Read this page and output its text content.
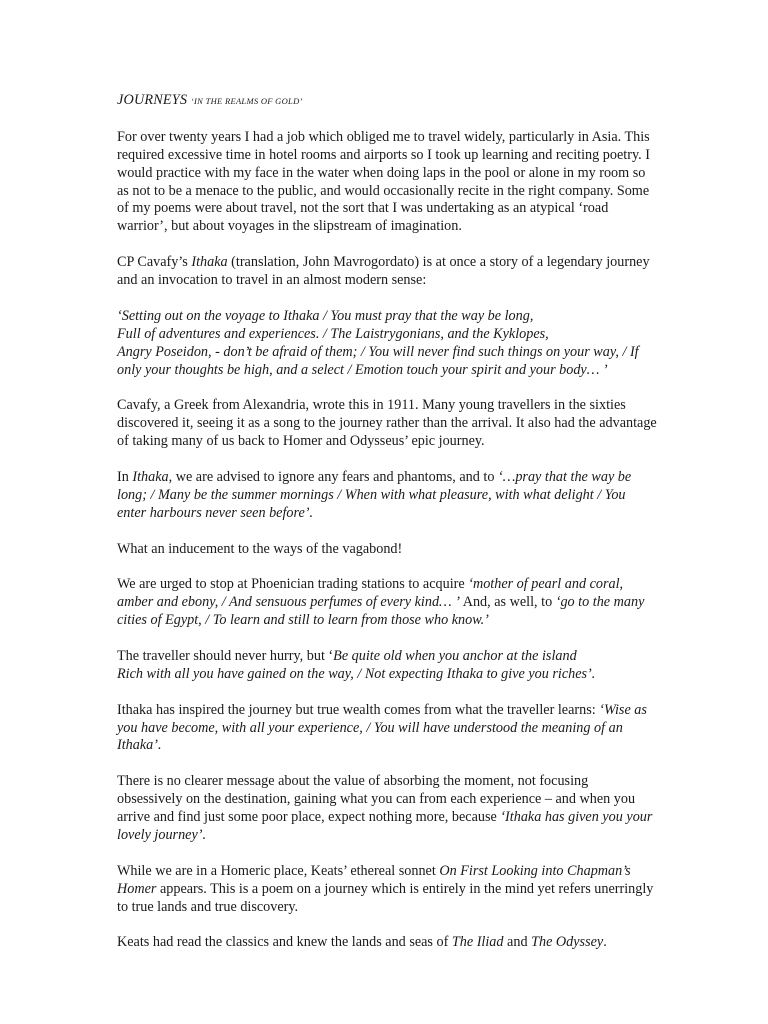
JOURNEYS ‘IN THE REALMS OF GOLD’

For over twenty years I had a job which obliged me to travel widely, particularly in Asia. This required excessive time in hotel rooms and airports so I took up learning and reciting poetry. I would practice with my face in the water when doing laps in the pool or alone in my room so as not to be a menace to the public, and would occasionally recite in the right company. Some of my poems were about travel, not the sort that I was undertaking as an atypical ‘road warrior’, but about voyages in the slipstream of imagination.

CP Cavafy’s Ithaka (translation, John Mavrogordato) is at once a story of a legendary journey and an invocation to travel in an almost modern sense:

‘Setting out on the voyage to Ithaka / You must pray that the way be long,
Full of adventures and experiences. / The Laistrygonians, and the Kyklopes,
Angry Poseidon, - don’t be afraid of them; / You will never find such things on your way, / If only your thoughts be high, and a select / Emotion touch your spirit and your body… ’

Cavafy, a Greek from Alexandria, wrote this in 1911. Many young travellers in the sixties discovered it, seeing it as a song to the journey rather than the arrival. It also had the advantage of taking many of us back to Homer and Odysseus’ epic journey.

In Ithaka, we are advised to ignore any fears and phantoms, and to ‘…pray that the way be long; / Many be the summer mornings / When with what pleasure, with what delight / You enter harbours never seen before’.

What an inducement to the ways of the vagabond!

We are urged to stop at Phoenician trading stations to acquire ‘mother of pearl and coral, amber and ebony, / And sensuous perfumes of every kind… ’ And, as well, to ‘go to the many cities of Egypt, / To learn and still to learn from those who know.’

The traveller should never hurry, but ‘Be quite old when you anchor at the island
Rich with all you have gained on the way, / Not expecting Ithaka to give you riches’.

Ithaka has inspired the journey but true wealth comes from what the traveller learns: ‘Wise as you have become, with all your experience, / You will have understood the meaning of an Ithaka’.

There is no clearer message about the value of absorbing the moment, not focusing obsessively on the destination, gaining what you can from each experience – and when you arrive and find just some poor place, expect nothing more, because ‘Ithaka has given you your lovely journey’.

While we are in a Homeric place, Keats’ ethereal sonnet On First Looking into Chapman’s Homer appears. This is a poem on a journey which is entirely in the mind yet refers unerringly to true lands and true discovery.

Keats had read the classics and knew the lands and seas of The Iliad and The Odyssey.
